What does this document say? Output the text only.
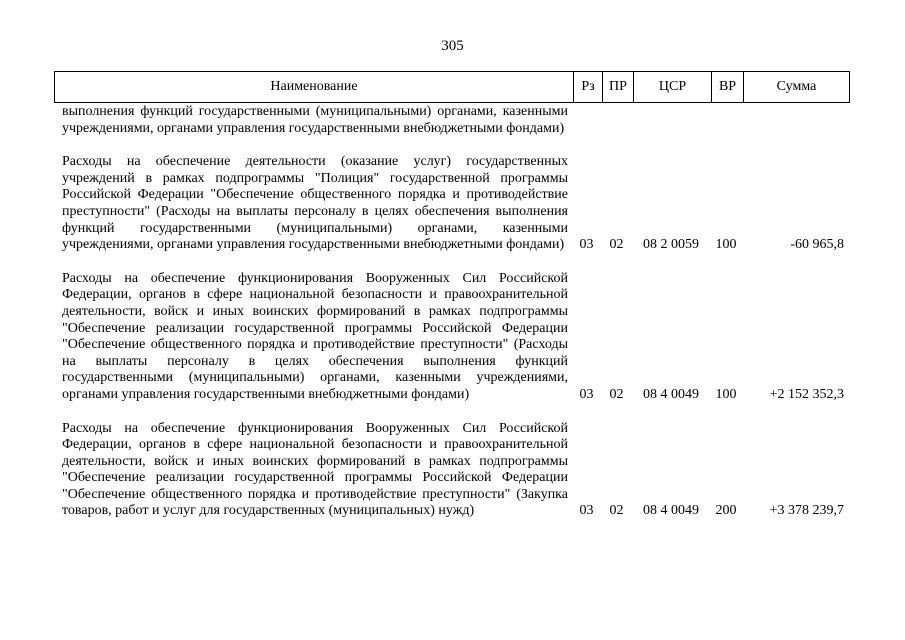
305
Наименование	Рз	ПР	ЦСР	ВР	Сумма
выполнения функций государственными (муниципальными) органами, казенными учреждениями, органами управления государственными внебюджетными фондами)
Расходы на обеспечение деятельности (оказание услуг) государственных учреждений в рамках подпрограммы "Полиция" государственной программы Российской Федерации "Обеспечение общественного порядка и противодействие преступности" (Расходы на выплаты персоналу в целях обеспечения выполнения функций государственными (муниципальными) органами, казенными учреждениями, органами управления государственными внебюджетными фондами)	03	02	08 2 0059	100	-60 965,8
Расходы на обеспечение функционирования Вооруженных Сил Российской Федерации, органов в сфере национальной безопасности и правоохранительной деятельности, войск и иных воинских формирований в рамках подпрограммы "Обеспечение реализации государственной программы Российской Федерации "Обеспечение общественного порядка и противодействие преступности" (Расходы на выплаты персоналу в целях обеспечения выполнения функций государственными (муниципальными) органами, казенными учреждениями, органами управления государственными внебюджетными фондами)	03	02	08 4 0049	100	+2 152 352,3
Расходы на обеспечение функционирования Вооруженных Сил Российской Федерации, органов в сфере национальной безопасности и правоохранительной деятельности, войск и иных воинских формирований в рамках подпрограммы "Обеспечение реализации государственной программы Российской Федерации "Обеспечение общественного порядка и противодействие преступности" (Закупка товаров, работ и услуг для государственных (муниципальных) нужд)	03	02	08 4 0049	200	+3 378 239,7
